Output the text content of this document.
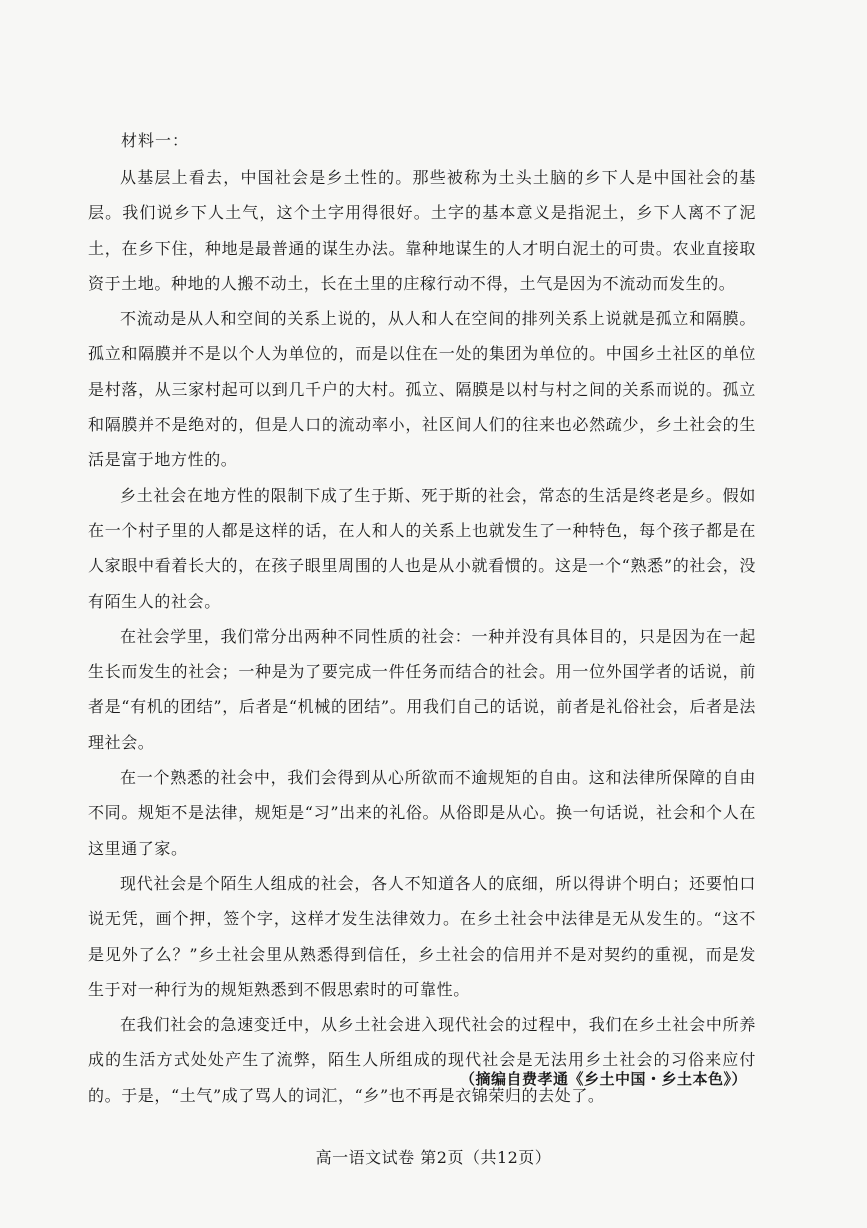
材料一：

从基层上看去，中国社会是乡土性的。那些被称为土头土脑的乡下人是中国社会的基层。我们说乡下人土气，这个土字用得很好。土字的基本意义是指泥土，乡下人离不了泥土，在乡下住，种地是最普通的谋生办法。靠种地谋生的人才明白泥土的可贵。农业直接取资于土地。种地的人搬不动土，长在土里的庄稼行动不得，土气是因为不流动而发生的。

不流动是从人和空间的关系上说的，从人和人在空间的排列关系上说就是孤立和隔膜。孤立和隔膜并不是以个人为单位的，而是以住在一处的集团为单位的。中国乡土社区的单位是村落，从三家村起可以到几千户的大村。孤立、隔膜是以村与村之间的关系而说的。孤立和隔膜并不是绝对的，但是人口的流动率小，社区间人们的往来也必然疏少，乡土社会的生活是富于地方性的。

乡土社会在地方性的限制下成了生于斯、死于斯的社会，常态的生活是终老是乡。假如在一个村子里的人都是这样的话，在人和人的关系上也就发生了一种特色，每个孩子都是在人家眼中看着长大的，在孩子眼里周围的人也是从小就看惯的。这是一个“熟悉”的社会，没有陌生人的社会。

在社会学里，我们常分出两种不同性质的社会：一种并没有具体目的，只是因为在一起生长而发生的社会；一种是为了要完成一件任务而结合的社会。用一位外国学者的话说，前者是“有机的团结”，后者是“机械的团结”。用我们自己的话说，前者是礼俗社会，后者是法理社会。

在一个熟悉的社会中，我们会得到从心所欲而不逾规矩的自由。这和法律所保障的自由不同。规矩不是法律，规矩是“习”出来的礼俗。从俗即是从心。换一句话说，社会和个人在这里通了家。

现代社会是个陌生人组成的社会，各人不知道各人的底细，所以得讲个明白；还要怕口说无凭，画个押，签个字，这样才发生法律效力。在乡土社会中法律是无从发生的。“这不是见外了么？”乡土社会里从熟悉得到信任，乡土社会的信用并不是对契约的重视，而是发生于对一种行为的规矩熟悉到不假思索时的可靠性。

在我们社会的急速变迁中，从乡土社会进入现代社会的过程中，我们在乡土社会中所养成的生活方式处处产生了流弊，陌生人所组成的现代社会是无法用乡土社会的习俗来应付的。于是，“土气”成了骂人的词汇，“乡”也不再是衣锦荣归的去处了。

（摘编自费孝通《乡土中国・乡土本色》）
高一语文试卷 第2页（共12页）
